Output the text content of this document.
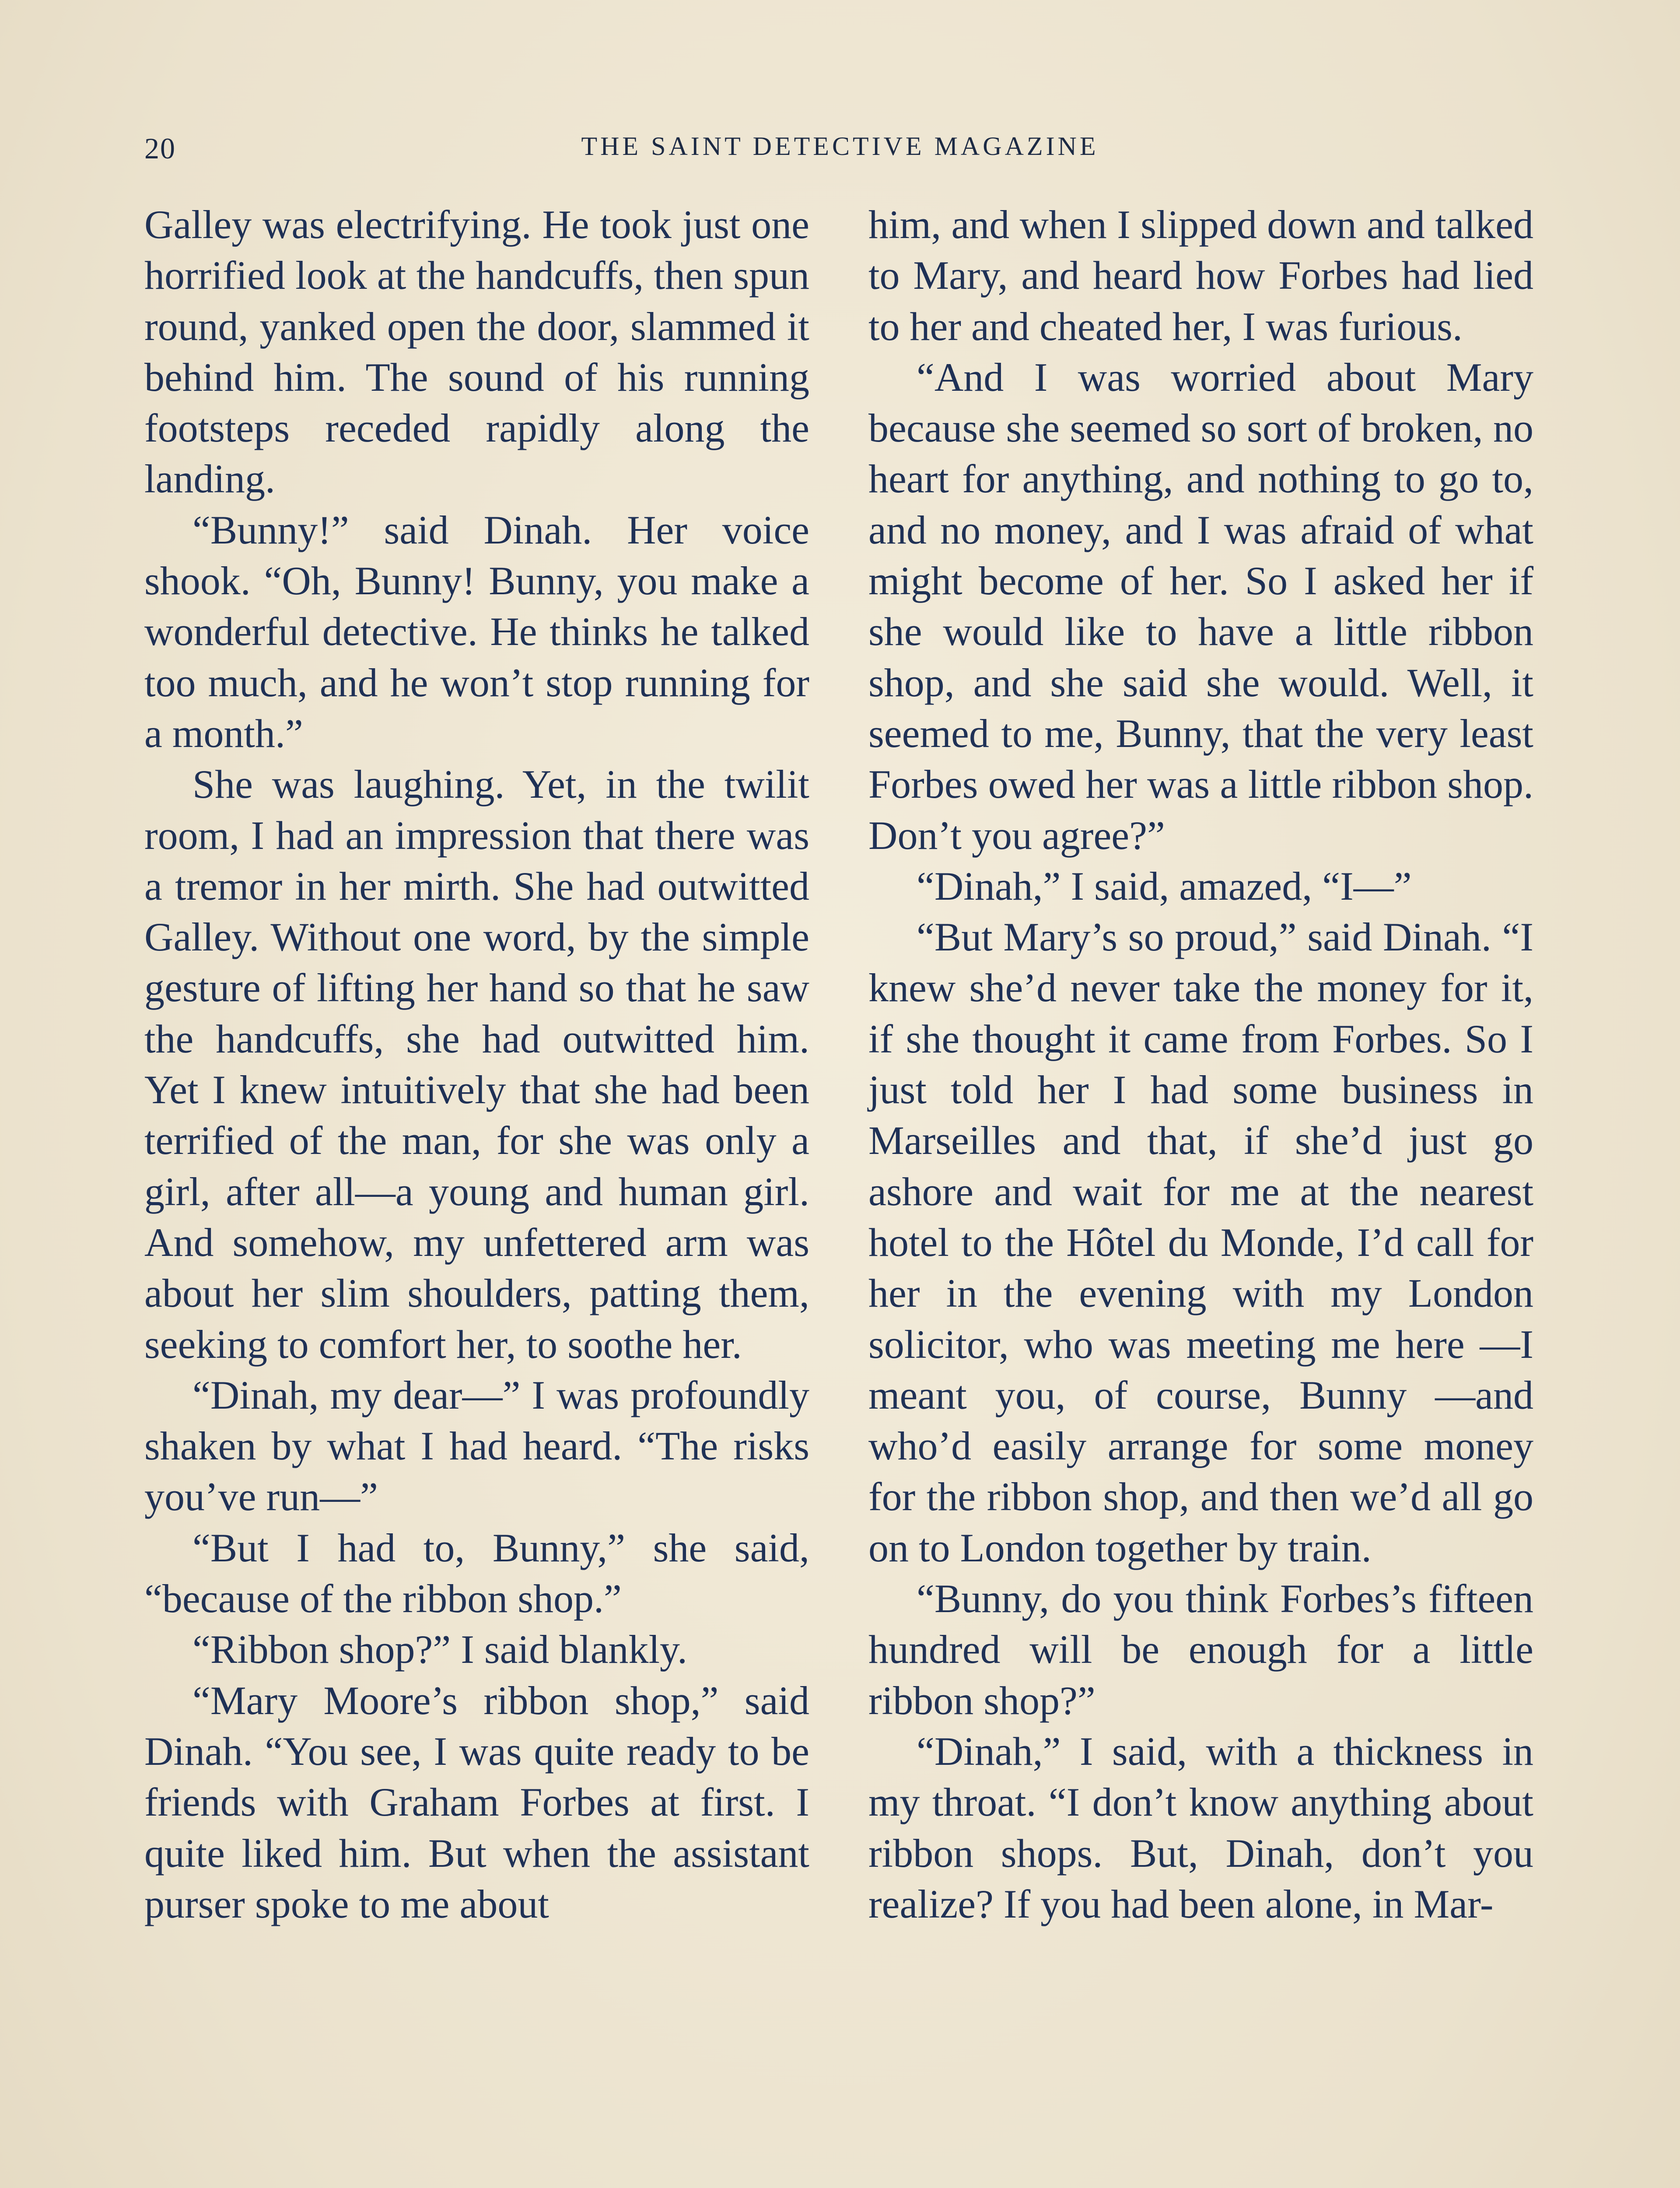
20	THE SAINT DETECTIVE MAGAZINE

Galley was electrifying. He took just one horrified look at the handcuffs, then spun round, yanked open the door, slammed it behind him. The sound of his running footsteps receded rapidly along the landing.

“Bunny!” said Dinah. Her voice shook. “Oh, Bunny! Bunny, you make a wonderful detective. He thinks he talked too much, and he won’t stop running for a month.”

She was laughing. Yet, in the twilit room, I had an impression that there was a tremor in her mirth. She had outwitted Galley. Without one word, by the simple gesture of lifting her hand so that he saw the handcuffs, she had outwitted him. Yet I knew intuitively that she had been terrified of the man, for she was only a girl, after all—a young and human girl. And somehow, my unfettered arm was about her slim shoulders, patting them, seeking to comfort her, to soothe her.

“Dinah, my dear—” I was profoundly shaken by what I had heard. “The risks you’ve run—”

“But I had to, Bunny,” she said, “because of the ribbon shop.”

“Ribbon shop?” I said blankly.

“Mary Moore’s ribbon shop,” said Dinah. “You see, I was quite ready to be friends with Graham Forbes at first. I quite liked him. But when the assistant purser spoke to me about

him, and when I slipped down and talked to Mary, and heard how Forbes had lied to her and cheated her, I was furious.

“And I was worried about Mary because she seemed so sort of broken, no heart for anything, and nothing to go to, and no money, and I was afraid of what might become of her. So I asked her if she would like to have a little ribbon shop, and she said she would. Well, it seemed to me, Bunny, that the very least Forbes owed her was a little ribbon shop. Don’t you agree?”

“Dinah,” I said, amazed, “I—”

“But Mary’s so proud,” said Dinah. “I knew she’d never take the money for it, if she thought it came from Forbes. So I just told her I had some business in Marseilles and that, if she’d just go ashore and wait for me at the nearest hotel to the Hôtel du Monde, I’d call for her in the evening with my London solicitor, who was meeting me here —I meant you, of course, Bunny —and who’d easily arrange for some money for the ribbon shop, and then we’d all go on to London together by train.

“Bunny, do you think Forbes’s fifteen hundred will be enough for a little ribbon shop?”

“Dinah,” I said, with a thickness in my throat. “I don’t know anything about ribbon shops. But, Dinah, don’t you realize? If you had been alone, in Mar-
